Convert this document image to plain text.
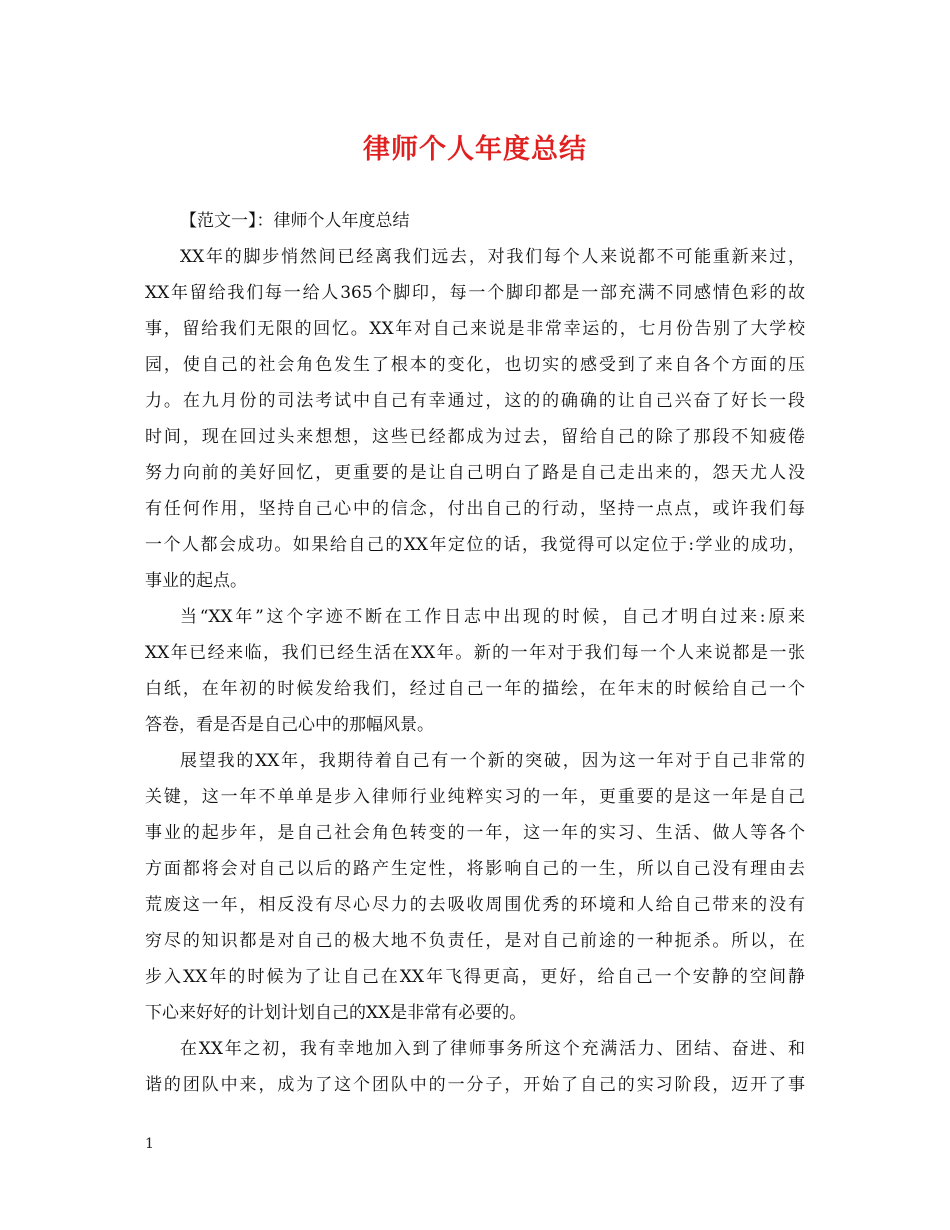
律师个人年度总结
【范文一】：律师个人年度总结
XX年的脚步悄然间已经离我们远去，对我们每个人来说都不可能重新来过，
XX年留给我们每一给人365个脚印，每一个脚印都是一部充满不同感情色彩的故
事，留给我们无限的回忆。XX年对自己来说是非常幸运的，七月份告别了大学校
园，使自己的社会角色发生了根本的变化，也切实的感受到了来自各个方面的压
力。在九月份的司法考试中自己有幸通过，这的的确确的让自己兴奋了好长一段
时间，现在回过头来想想，这些已经都成为过去，留给自己的除了那段不知疲倦
努力向前的美好回忆，更重要的是让自己明白了路是自己走出来的，怨天尤人没
有任何作用，坚持自己心中的信念，付出自己的行动，坚持一点点，或许我们每
一个人都会成功。如果给自己的XX年定位的话，我觉得可以定位于:学业的成功，
事业的起点。
当“XX年”这个字迹不断在工作日志中出现的时候，自己才明白过来:原来
XX年已经来临，我们已经生活在XX年。新的一年对于我们每一个人来说都是一张
白纸，在年初的时候发给我们，经过自己一年的描绘，在年末的时候给自己一个
答卷，看是否是自己心中的那幅风景。
展望我的XX年，我期待着自己有一个新的突破，因为这一年对于自己非常的
关键，这一年不单单是步入律师行业纯粹实习的一年，更重要的是这一年是自己
事业的起步年，是自己社会角色转变的一年，这一年的实习、生活、做人等各个
方面都将会对自己以后的路产生定性，将影响自己的一生，所以自己没有理由去
荒废这一年，相反没有尽心尽力的去吸收周围优秀的环境和人给自己带来的没有
穷尽的知识都是对自己的极大地不负责任，是对自己前途的一种扼杀。所以，在
步入XX年的时候为了让自己在XX年飞得更高，更好，给自己一个安静的空间静
下心来好好的计划计划自己的XX是非常有必要的。
在XX年之初，我有幸地加入到了律师事务所这个充满活力、团结、奋进、和
谐的团队中来，成为了这个团队中的一分子，开始了自己的实习阶段，迈开了事
1
